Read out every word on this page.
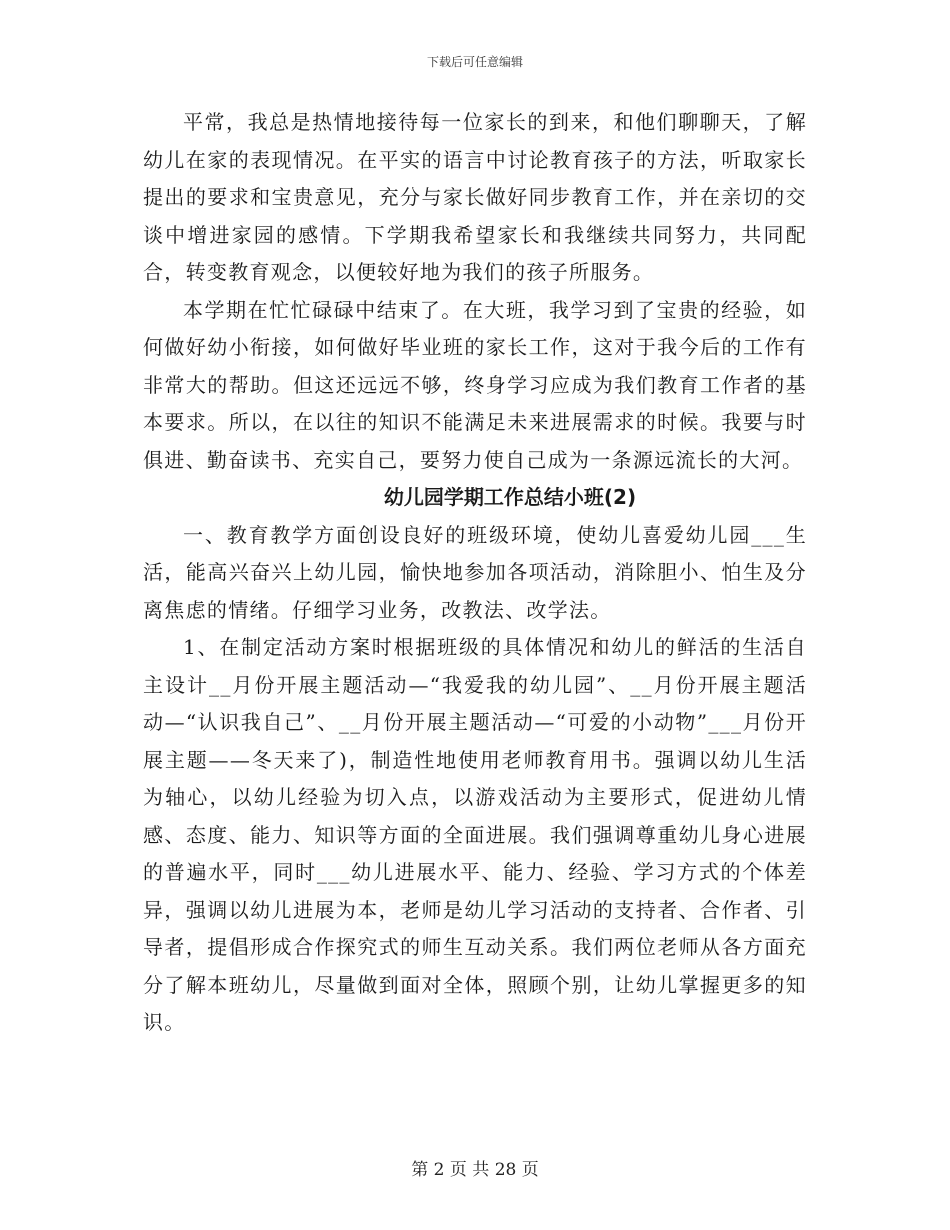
下载后可任意编辑

平常，我总是热情地接待每一位家长的到来，和他们聊聊天，了解幼儿在家的表现情况。在平实的语言中讨论教育孩子的方法，听取家长提出的要求和宝贵意见，充分与家长做好同步教育工作，并在亲切的交谈中增进家园的感情。下学期我希望家长和我继续共同努力，共同配合，转变教育观念，以便较好地为我们的孩子所服务。

本学期在忙忙碌碌中结束了。在大班，我学习到了宝贵的经验，如何做好幼小衔接，如何做好毕业班的家长工作，这对于我今后的工作有非常大的帮助。但这还远远不够，终身学习应成为我们教育工作者的基本要求。所以，在以往的知识不能满足未来进展需求的时候。我要与时俱进、勤奋读书、充实自己，要努力使自己成为一条源远流长的大河。

幼儿园学期工作总结小班(2)

一、教育教学方面创设良好的班级环境，使幼儿喜爱幼儿园___生活，能高兴奋兴上幼儿园，愉快地参加各项活动，消除胆小、怕生及分离焦虑的情绪。仔细学习业务，改教法、改学法。

1、在制定活动方案时根据班级的具体情况和幼儿的鲜活的生活自主设计__月份开展主题活动—“我爱我的幼儿园”、__月份开展主题活动—“认识我自己”、__月份开展主题活动—“可爱的小动物”___月份开展主题——冬天来了)，制造性地使用老师教育用书。强调以幼儿生活为轴心，以幼儿经验为切入点，以游戏活动为主要形式，促进幼儿情感、态度、能力、知识等方面的全面进展。我们强调尊重幼儿身心进展的普遍水平，同时___幼儿进展水平、能力、经验、学习方式的个体差异，强调以幼儿进展为本，老师是幼儿学习活动的支持者、合作者、引导者，提倡形成合作探究式的师生互动关系。我们两位老师从各方面充分了解本班幼儿，尽量做到面对全体，照顾个别，让幼儿掌握更多的知识。

第 2 页 共 28 页
